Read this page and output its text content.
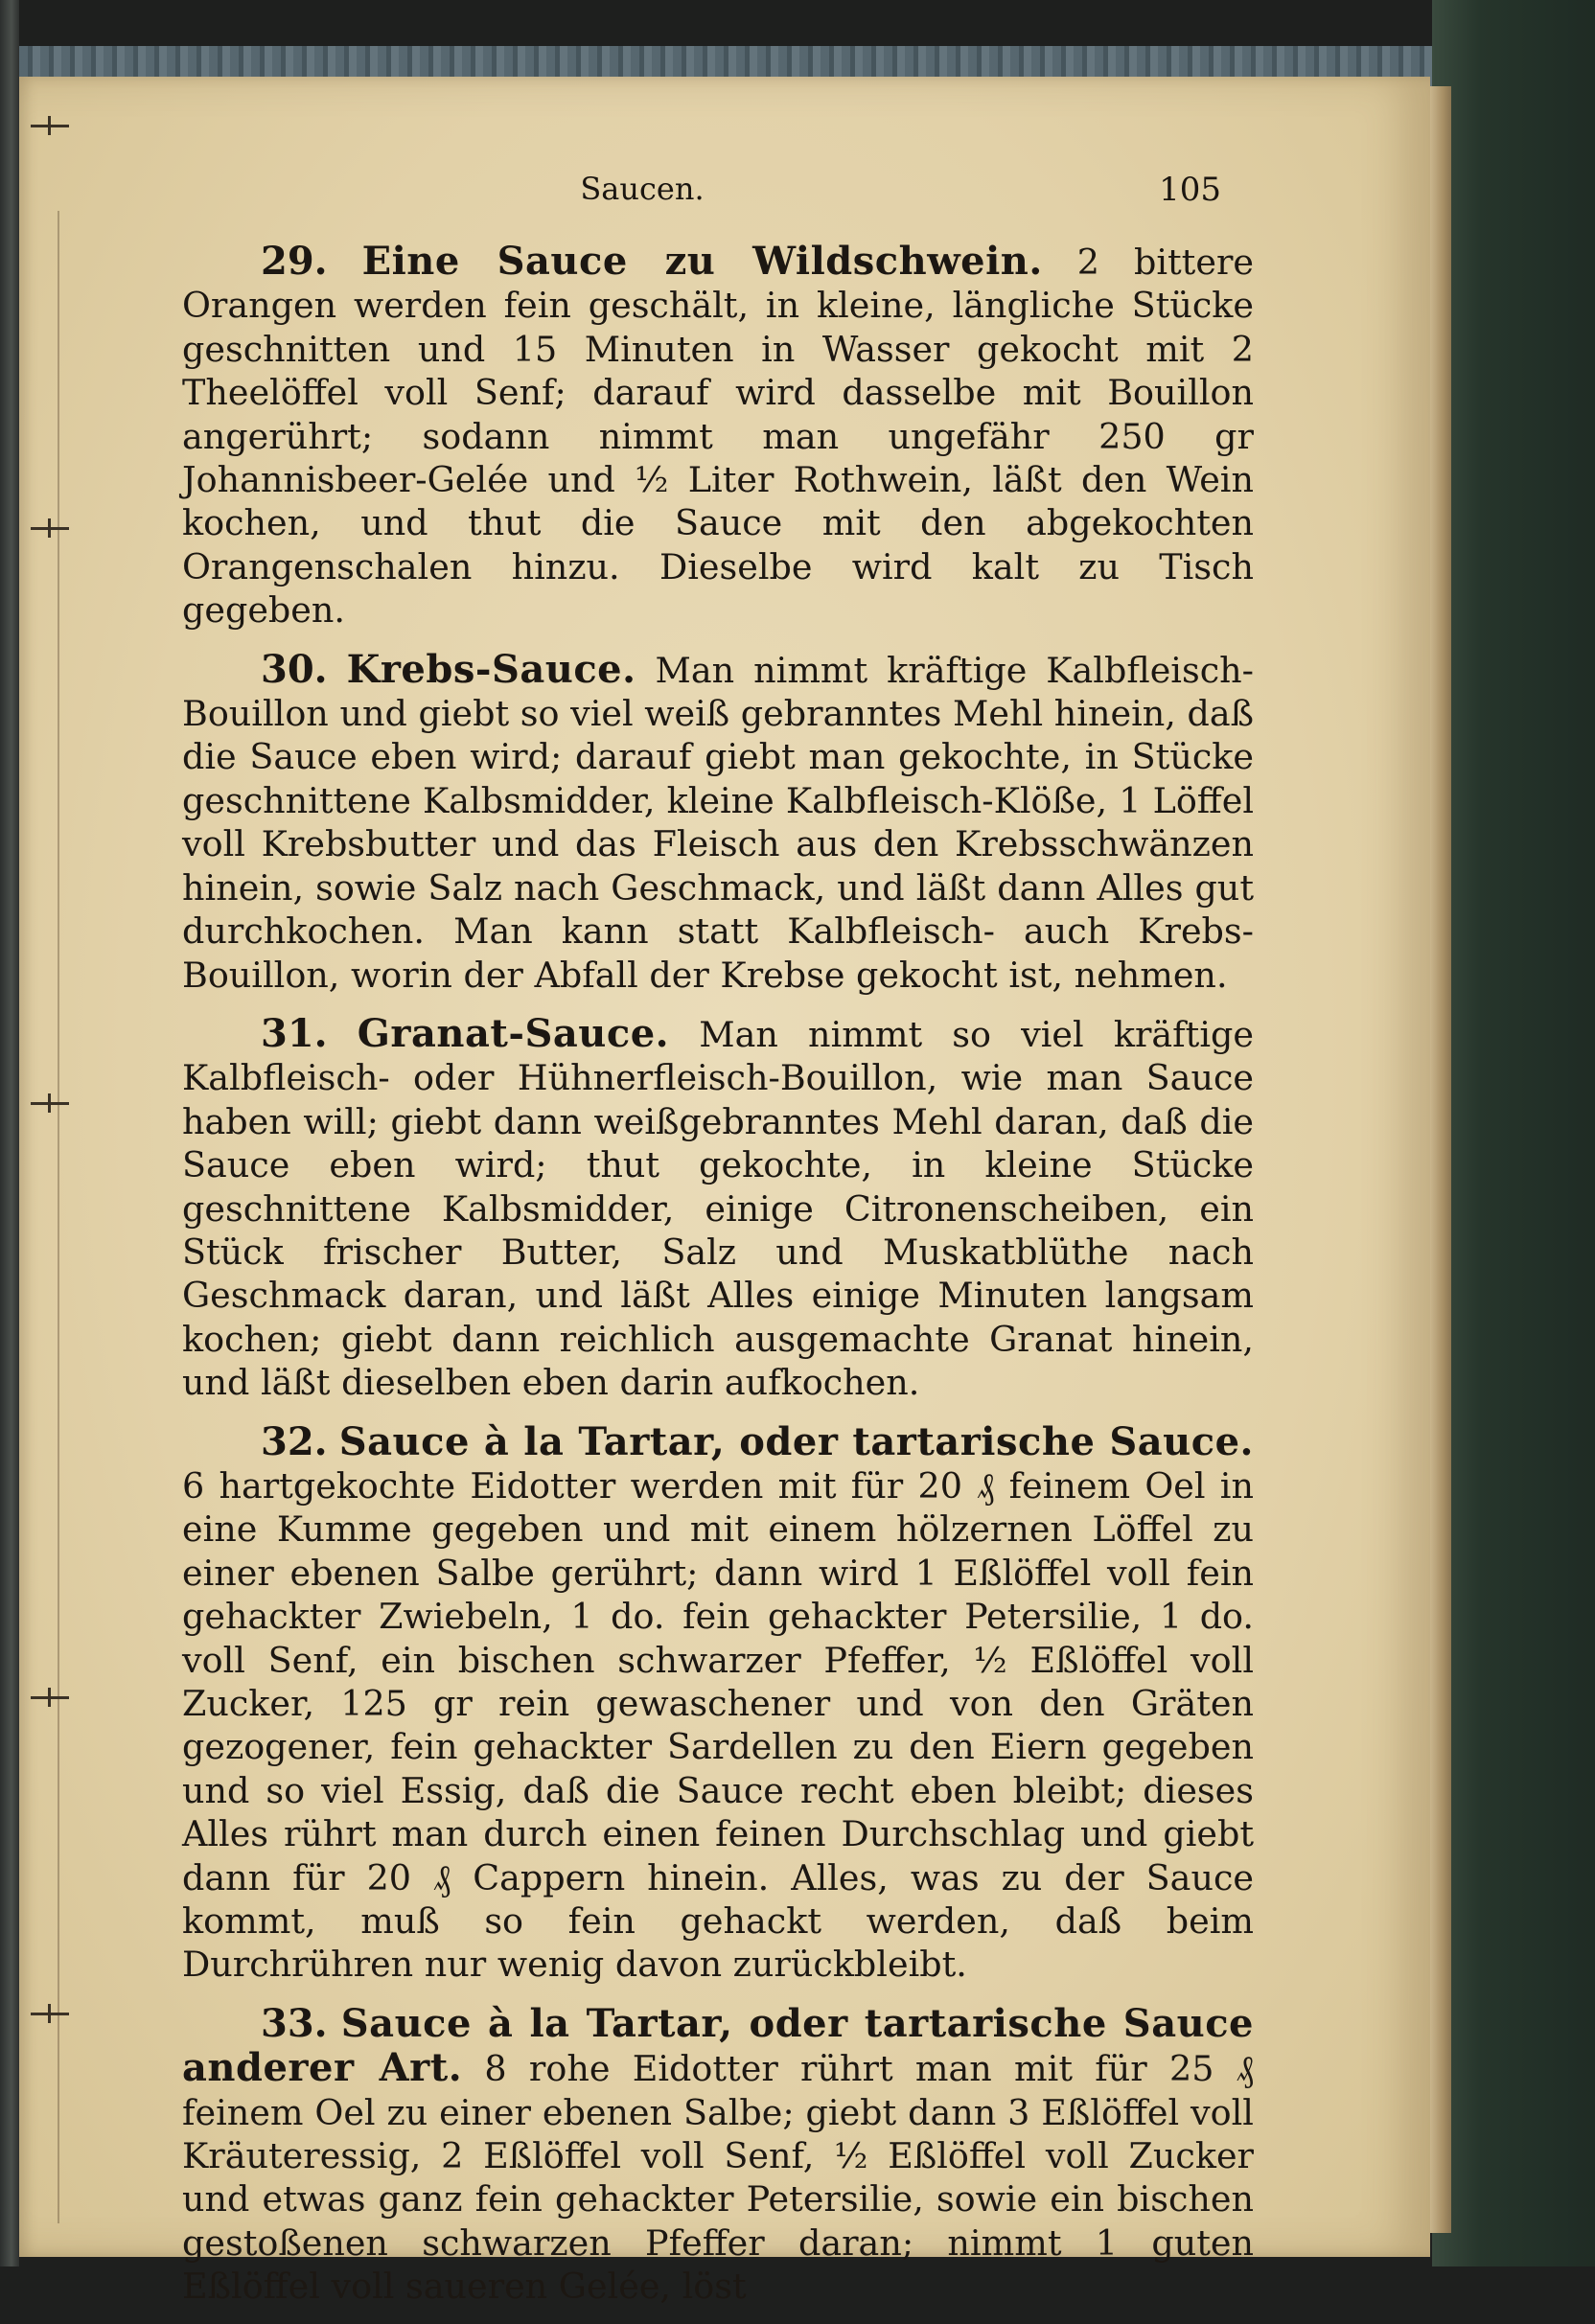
Saucen.	105

29. Eine Sauce zu Wildschwein. 2 bittere Orangen werden fein geschält, in kleine, längliche Stücke geschnitten und 15 Minuten in Wasser gekocht mit 2 Theelöffel voll Senf; darauf wird dasselbe mit Bouillon angerührt; sodann nimmt man ungefähr 250 gr Johannisbeer-Gelée und ½ Liter Rothwein, läßt den Wein kochen, und thut die Sauce mit den abgekochten Orangenschalen hinzu. Dieselbe wird kalt zu Tisch gegeben.

30. Krebs-Sauce. Man nimmt kräftige Kalbfleisch-Bouillon und giebt so viel weiß gebranntes Mehl hinein, daß die Sauce eben wird; darauf giebt man gekochte, in Stücke geschnittene Kalbsmidder, kleine Kalbfleisch-Klöße, 1 Löffel voll Krebsbutter und das Fleisch aus den Krebsschwänzen hinein, sowie Salz nach Geschmack, und läßt dann Alles gut durchkochen. Man kann statt Kalbfleisch- auch Krebs-Bouillon, worin der Abfall der Krebse gekocht ist, nehmen.

31. Granat-Sauce. Man nimmt so viel kräftige Kalbfleisch- oder Hühnerfleisch-Bouillon, wie man Sauce haben will; giebt dann weißgebranntes Mehl daran, daß die Sauce eben wird; thut gekochte, in kleine Stücke geschnittene Kalbsmidder, einige Citronenscheiben, ein Stück frischer Butter, Salz und Muskatblüthe nach Geschmack daran, und läßt Alles einige Minuten langsam kochen; giebt dann reichlich ausgemachte Granat hinein, und läßt dieselben eben darin aufkochen.

32. Sauce à la Tartar, oder tartarische Sauce. 6 hartgekochte Eidotter werden mit für 20 ₰ feinem Oel in eine Kumme gegeben und mit einem hölzernen Löffel zu einer ebenen Salbe gerührt; dann wird 1 Eßlöffel voll fein gehackter Zwiebeln, 1 do. fein gehackter Petersilie, 1 do. voll Senf, ein bischen schwarzer Pfeffer, ½ Eßlöffel voll Zucker, 125 gr rein gewaschener und von den Gräten gezogener, fein gehackter Sardellen zu den Eiern gegeben und so viel Essig, daß die Sauce recht eben bleibt; dieses Alles rührt man durch einen feinen Durchschlag und giebt dann für 20 ₰ Cappern hinein. Alles, was zu der Sauce kommt, muß so fein gehackt werden, daß beim Durchrühren nur wenig davon zurückbleibt.

33. Sauce à la Tartar, oder tartarische Sauce anderer Art. 8 rohe Eidotter rührt man mit für 25 ₰ feinem Oel zu einer ebenen Salbe; giebt dann 3 Eßlöffel voll Kräuteressig, 2 Eßlöffel voll Senf, ½ Eßlöffel voll Zucker und etwas ganz fein gehackter Petersilie, sowie ein bischen gestoßenen schwarzen Pfeffer daran; nimmt 1 guten Eßlöffel voll saueren Gelée, löst
